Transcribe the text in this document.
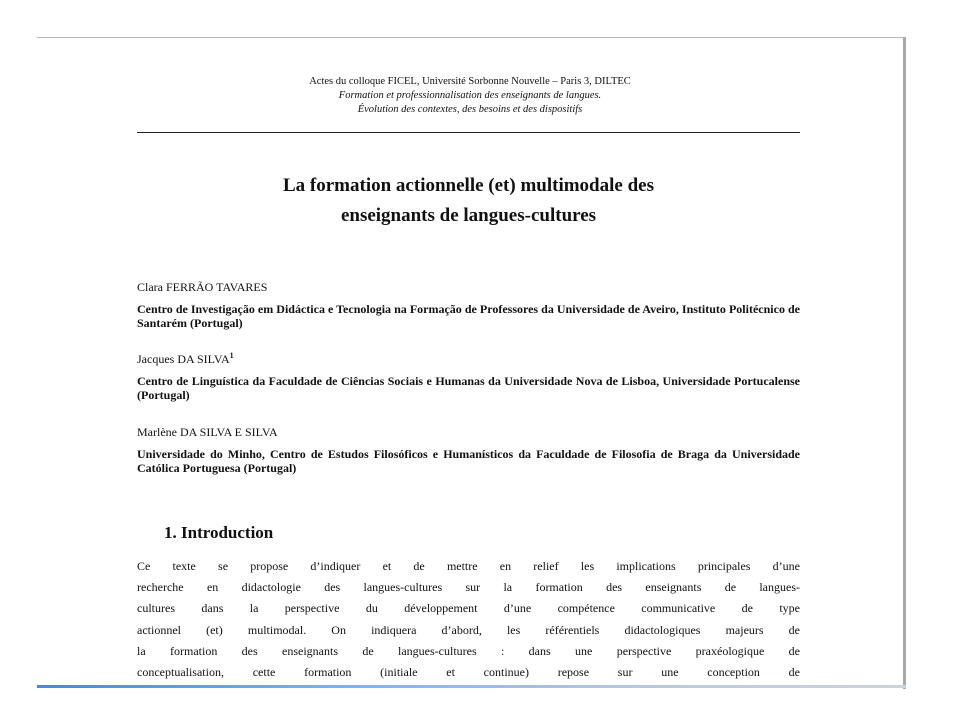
Actes du colloque FICEL, Université Sorbonne Nouvelle – Paris 3, DILTEC
Formation et professionnalisation des enseignants de langues.
Évolution des contextes, des besoins et des dispositifs
La formation actionnelle (et) multimodale des
enseignants de langues-cultures
Clara FERRÃO TAVARES
Centro de Investigação em Didáctica e Tecnologia na Formação de Professores da Universidade de Aveiro, Instituto Politécnico de Santarém (Portugal)
Jacques DA SILVA$^1$
Centro de Linguística da Faculdade de Ciências Sociais e Humanas da Universidade Nova de Lisboa, Universidade Portucalense (Portugal)
Marlène DA SILVA E SILVA
Universidade do Minho, Centro de Estudos Filosóficos e Humanísticos da Faculdade de Filosofia de Braga da Universidade Católica Portuguesa (Portugal)
1. Introduction
Ce texte se propose d’indiquer et de mettre en relief les implications principales d’une
recherche en didactologie des langues-cultures sur la formation des enseignants de langues-
cultures dans la perspective du développement d’une compétence communicative de type
actionnel (et) multimodal. On indiquera d’abord, les référentiels didactologiques majeurs de
la formation des enseignants de langues-cultures : dans une perspective praxéologique de
conceptualisation, cette formation (initiale et continue) repose sur une conception de
